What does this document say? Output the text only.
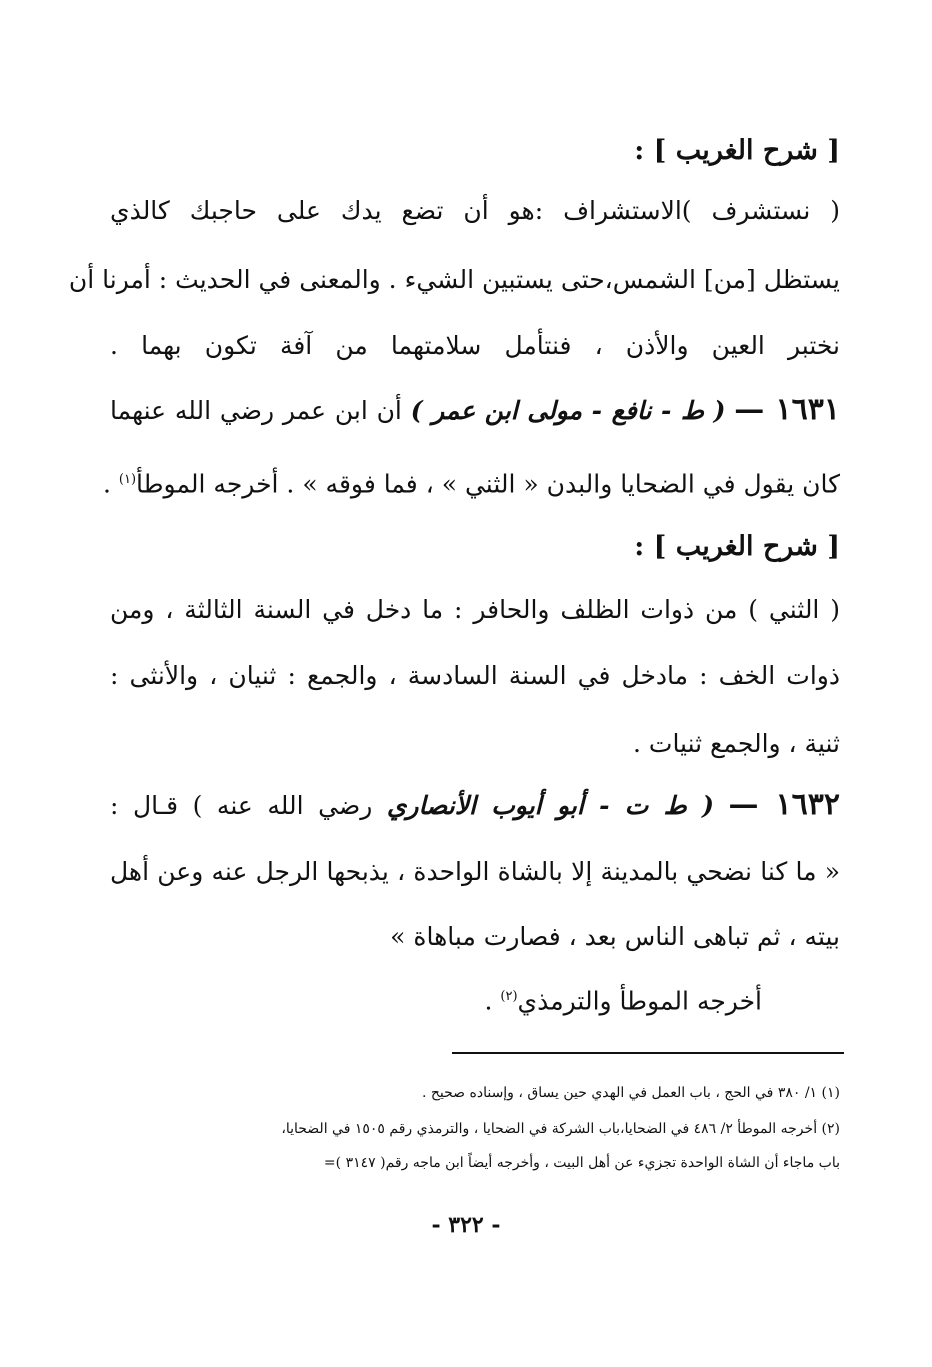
[ شرح الغريب ] :
( نستشرف )الاستشراف :هو أن تضع يدك على حاجبك كالذي
يستظل [من] الشمس،حتى يستبين الشيء . والمعنى في الحديث : أمرنا أن
نختبر العين والأذن ، فنتأمل سلامتهما من آفة تكون بهما .
١٦٣١ — ( ط - نافع - مولى ابن عمر ) أن ابن عمر رضي الله عنهما
كان يقول في الضحايا والبدن « الثني » ، فما فوقه » . أخرجه الموطأ$^{(١)}$ .
[ شرح الغريب ] :
( الثني ) من ذوات الظلف والحافر : ما دخل في السنة الثالثة ، ومن
ذوات الخف : مادخل في السنة السادسة ، والجمع : ثنيان ، والأنثى :
ثنية ، والجمع ثنيات .
١٦٣٢ — ( ط ت - أبو أيوب الأنصاري رضي الله عنه ) قـال :
« ما كنا نضحي بالمدينة إلا بالشاة الواحدة ، يذبحها الرجل عنه وعن أهل
بيته ، ثم تباهى الناس بعد ، فصارت مباهاة »
أخرجه الموطأ والترمذي$^{(٢)}$ .
(١) ١/ ٣٨٠ في الحج ، باب العمل في الهدي حين يساق ، وإسناده صحيح .
(٢) أخرجه الموطأ ٢/ ٤٨٦ في الضحايا،باب الشركة في الضحايا ، والترمذي رقم ١٥٠٥ في الضحايا،
باب ماجاء أن الشاة الواحدة تجزيء عن أهل البيت ، وأخرجه أيضاً ابن ماجه رقم( ٣١٤٧ )=
- ٣٢٢ -
